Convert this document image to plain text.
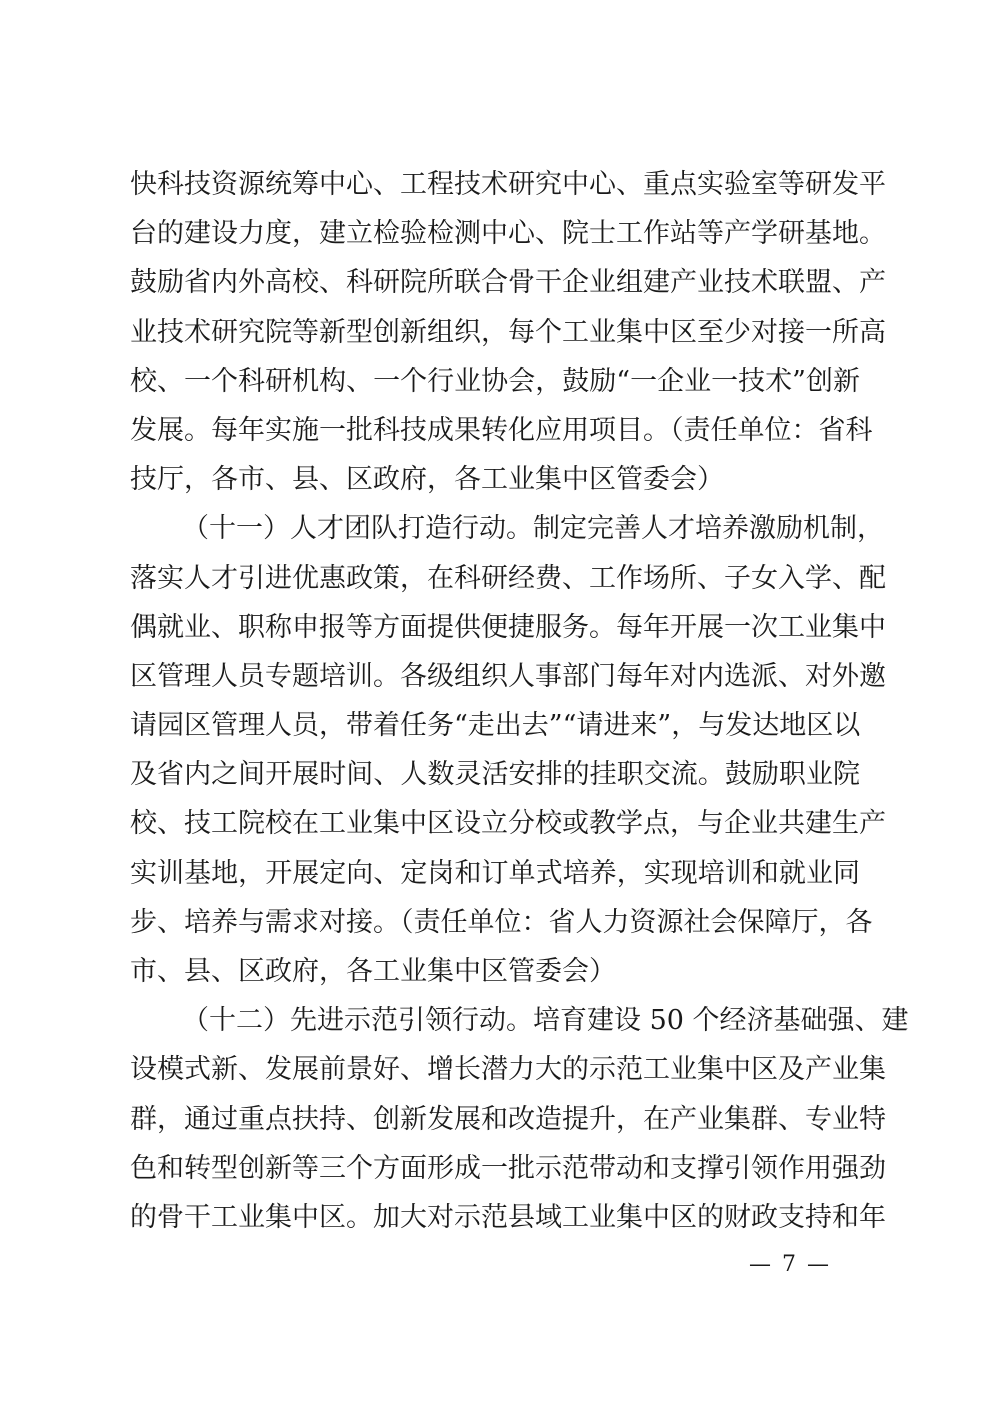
快科技资源统筹中心、工程技术研究中心、重点实验室等研发平
台的建设力度，建立检验检测中心、院士工作站等产学研基地。
鼓励省内外高校、科研院所联合骨干企业组建产业技术联盟、产
业技术研究院等新型创新组织，每个工业集中区至少对接一所高
校、一个科研机构、一个行业协会，鼓励“一企业一技术”创新
发展。每年实施一批科技成果转化应用项目。（责任单位：省科
技厅，各市、县、区政府，各工业集中区管委会）
（十一）人才团队打造行动。制定完善人才培养激励机制，
落实人才引进优惠政策，在科研经费、工作场所、子女入学、配
偶就业、职称申报等方面提供便捷服务。每年开展一次工业集中
区管理人员专题培训。各级组织人事部门每年对内选派、对外邀
请园区管理人员，带着任务“走出去”“请进来”，与发达地区以
及省内之间开展时间、人数灵活安排的挂职交流。鼓励职业院
校、技工院校在工业集中区设立分校或教学点，与企业共建生产
实训基地，开展定向、定岗和订单式培养，实现培训和就业同
步、培养与需求对接。（责任单位：省人力资源社会保障厅，各
市、县、区政府，各工业集中区管委会）
（十二）先进示范引领行动。培育建设 50 个经济基础强、建
设模式新、发展前景好、增长潜力大的示范工业集中区及产业集
群，通过重点扶持、创新发展和改造提升，在产业集群、专业特
色和转型创新等三个方面形成一批示范带动和支撑引领作用强劲
的骨干工业集中区。加大对示范县域工业集中区的财政支持和年
— 7 —
